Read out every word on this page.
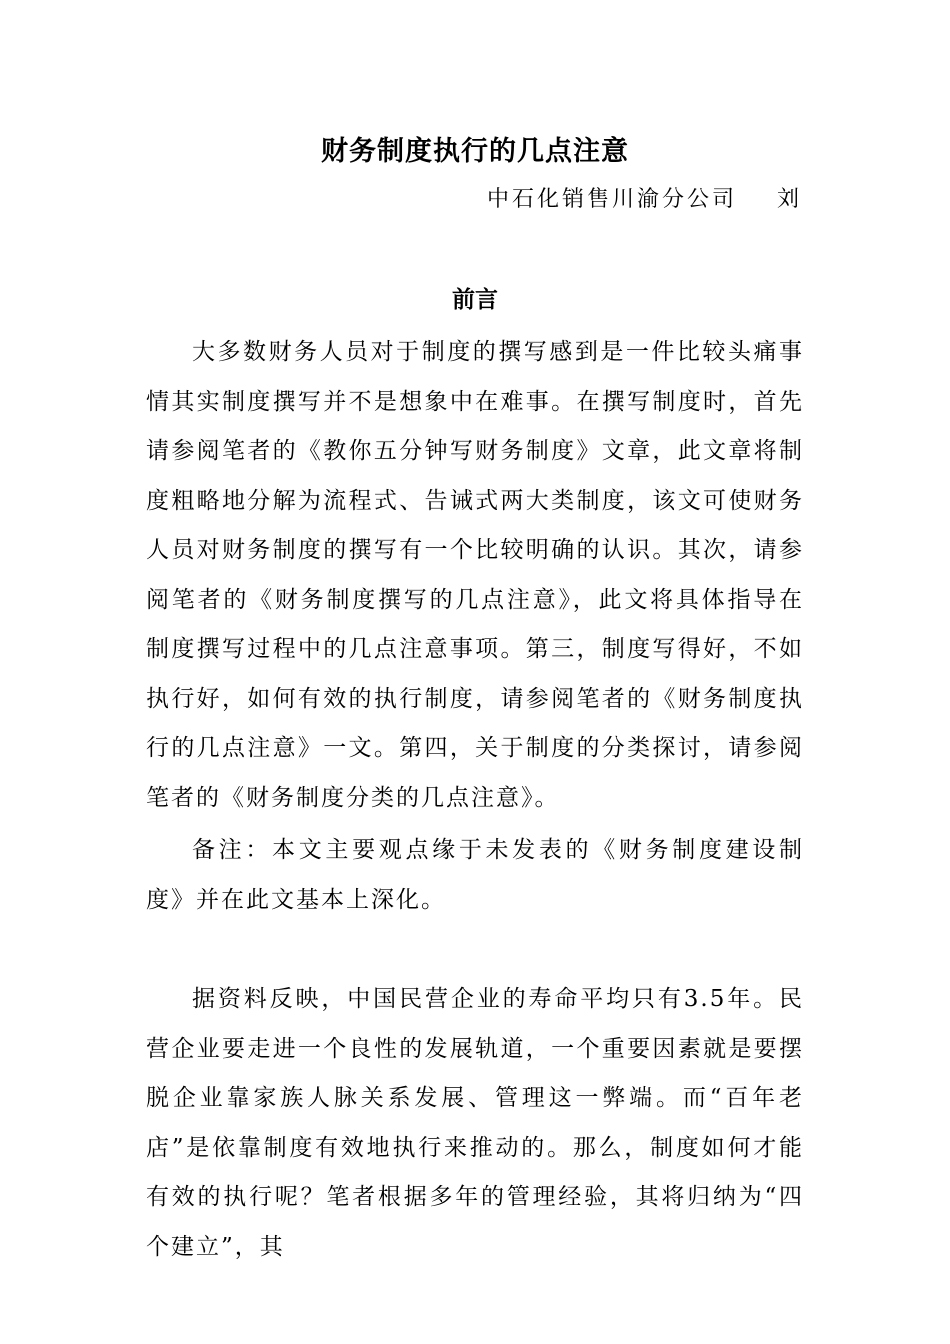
财务制度执行的几点注意
中石化销售川渝分公司    刘
前言

大多数财务人员对于制度的撰写感到是一件比较头痛事情其实制度撰写并不是想象中在难事。在撰写制度时，首先请参阅笔者的《教你五分钟写财务制度》文章，此文章将制度粗略地分解为流程式、告诫式两大类制度，该文可使财务人员对财务制度的撰写有一个比较明确的认识。其次，请参阅笔者的《财务制度撰写的几点注意》，此文将具体指导在制度撰写过程中的几点注意事项。第三，制度写得好，不如执行好，如何有效的执行制度，请参阅笔者的《财务制度执行的几点注意》一文。第四，关于制度的分类探讨，请参阅笔者的《财务制度分类的几点注意》。

备注：本文主要观点缘于未发表的《财务制度建设制度》并在此文基本上深化。

据资料反映，中国民营企业的寿命平均只有3.5年。民营企业要走进一个良性的发展轨道，一个重要因素就是要摆脱企业靠家族人脉关系发展、管理这一弊端。而“百年老店”是依靠制度有效地执行来推动的。那么，制度如何才能有效的执行呢？笔者根据多年的管理经验，其将归纳为“四个建立”，其
